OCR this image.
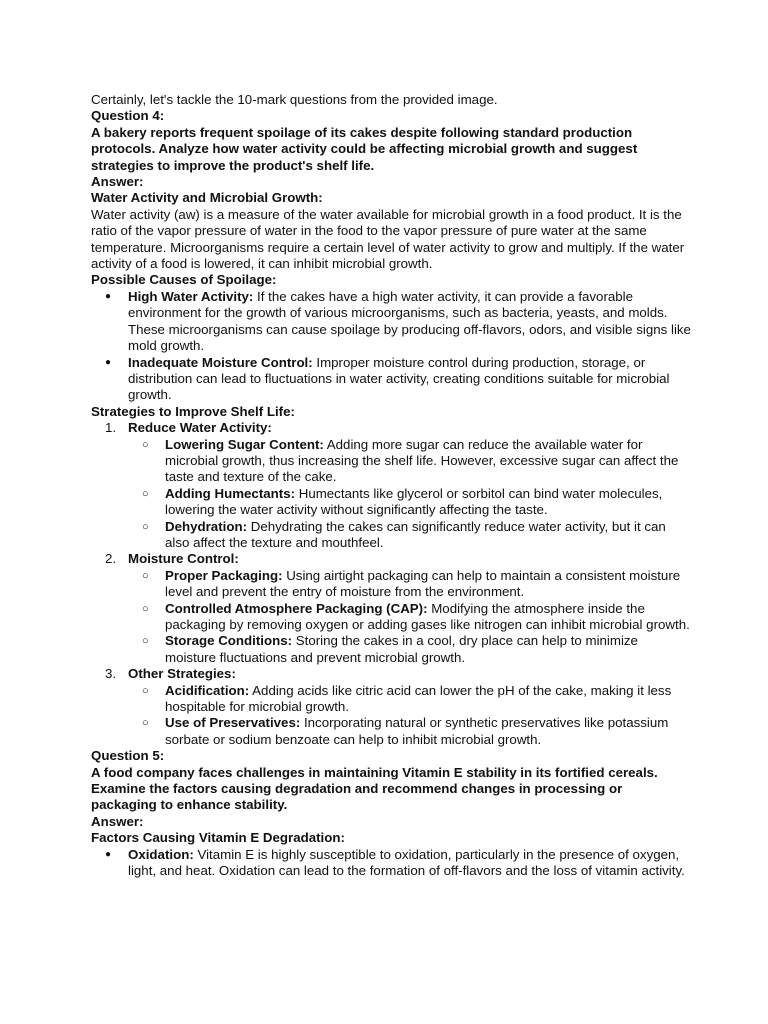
Certainly, let's tackle the 10-mark questions from the provided image.

Question 4:

A bakery reports frequent spoilage of its cakes despite following standard production protocols. Analyze how water activity could be affecting microbial growth and suggest strategies to improve the product's shelf life.

Answer:

Water Activity and Microbial Growth:

Water activity (aw) is a measure of the water available for microbial growth in a food product. It is the ratio of the vapor pressure of water in the food to the vapor pressure of pure water at the same temperature. Microorganisms require a certain level of water activity to grow and multiply. If the water activity of a food is lowered, it can inhibit microbial growth.

Possible Causes of Spoilage:

● High Water Activity: If the cakes have a high water activity, it can provide a favorable environment for the growth of various microorganisms, such as bacteria, yeasts, and molds. These microorganisms can cause spoilage by producing off-flavors, odors, and visible signs like mold growth.
● Inadequate Moisture Control: Improper moisture control during production, storage, or distribution can lead to fluctuations in water activity, creating conditions suitable for microbial growth.

Strategies to Improve Shelf Life:

1. Reduce Water Activity:
○ Lowering Sugar Content: Adding more sugar can reduce the available water for microbial growth, thus increasing the shelf life. However, excessive sugar can affect the taste and texture of the cake.
○ Adding Humectants: Humectants like glycerol or sorbitol can bind water molecules, lowering the water activity without significantly affecting the taste.
○ Dehydration: Dehydrating the cakes can significantly reduce water activity, but it can also affect the texture and mouthfeel.
2. Moisture Control:
○ Proper Packaging: Using airtight packaging can help to maintain a consistent moisture level and prevent the entry of moisture from the environment.
○ Controlled Atmosphere Packaging (CAP): Modifying the atmosphere inside the packaging by removing oxygen or adding gases like nitrogen can inhibit microbial growth.
○ Storage Conditions: Storing the cakes in a cool, dry place can help to minimize moisture fluctuations and prevent microbial growth.
3. Other Strategies:
○ Acidification: Adding acids like citric acid can lower the pH of the cake, making it less hospitable for microbial growth.
○ Use of Preservatives: Incorporating natural or synthetic preservatives like potassium sorbate or sodium benzoate can help to inhibit microbial growth.

Question 5:

A food company faces challenges in maintaining Vitamin E stability in its fortified cereals. Examine the factors causing degradation and recommend changes in processing or packaging to enhance stability.

Answer:

Factors Causing Vitamin E Degradation:

● Oxidation: Vitamin E is highly susceptible to oxidation, particularly in the presence of oxygen, light, and heat. Oxidation can lead to the formation of off-flavors and the loss of vitamin activity.
